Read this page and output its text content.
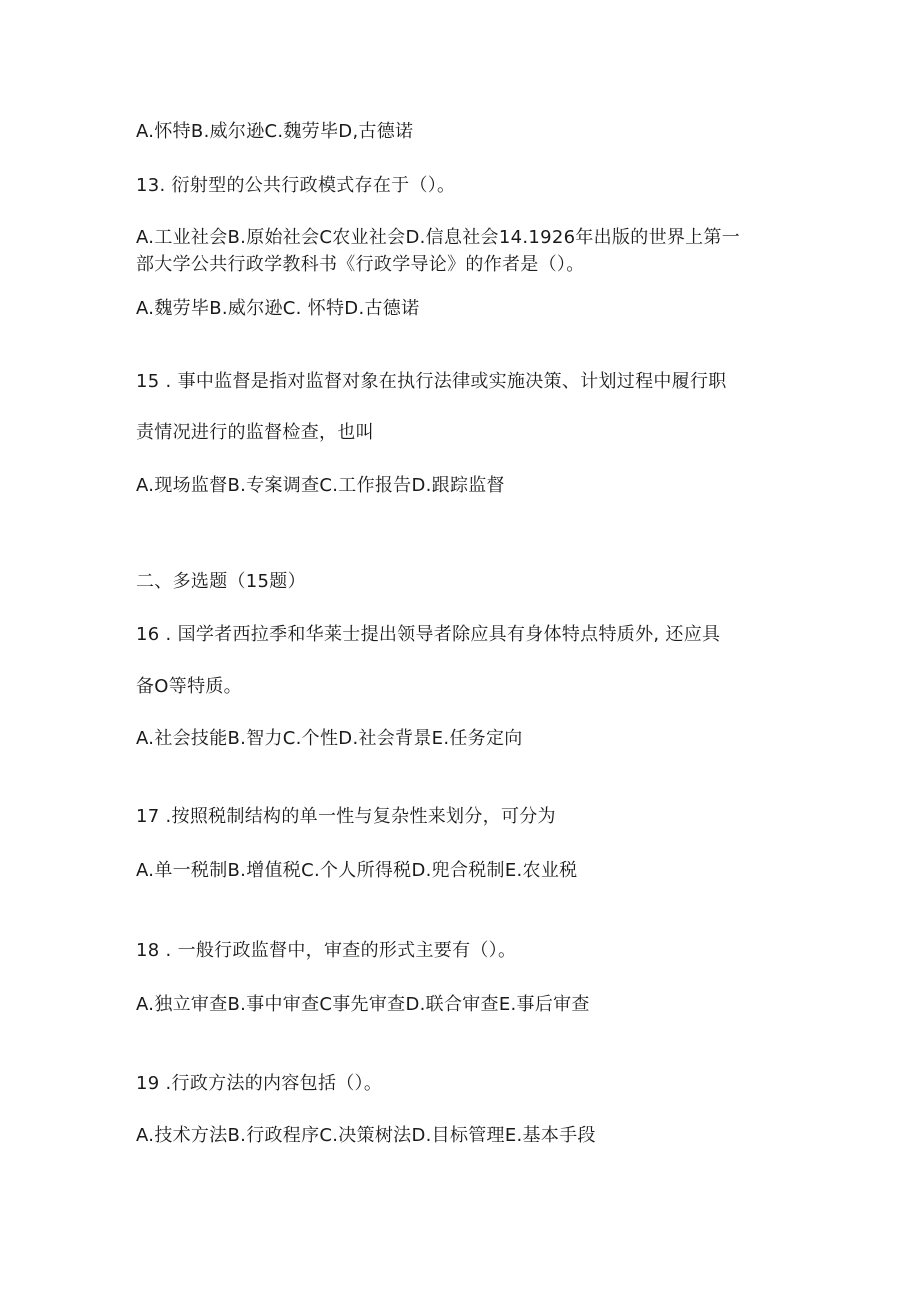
A.怀特B.威尔逊C.魏劳毕D,古德诺
13. 衍射型的公共行政模式存在于（）。
A.工业社会B.原始社会C农业社会D.信息社会14.1926年出版的世界上第一
部大学公共行政学教科书《行政学导论》的作者是（）。
A.魏劳毕B.威尔逊C. 怀特D.古德诺
15 . 事中监督是指对监督对象在执行法律或实施决策、计划过程中履行职
责情况进行的监督检查，也叫
A.现场监督B.专案调查C.工作报告D.跟踪监督
二、多选题（15题）
16 . 国学者西拉季和华莱士提出领导者除应具有身体特点特质外, 还应具
备O等特质。
A.社会技能B.智力C.个性D.社会背景E.任务定向
17 .按照税制结构的单一性与复杂性来划分，可分为
A.单一税制B.增值税C.个人所得税D.兜合税制E.农业税
18 . 一般行政监督中，审查的形式主要有（）。
A.独立审查B.事中审查C事先审查D.联合审查E.事后审查
19 .行政方法的内容包括（）。
A.技术方法B.行政程序C.决策树法D.目标管理E.基本手段
